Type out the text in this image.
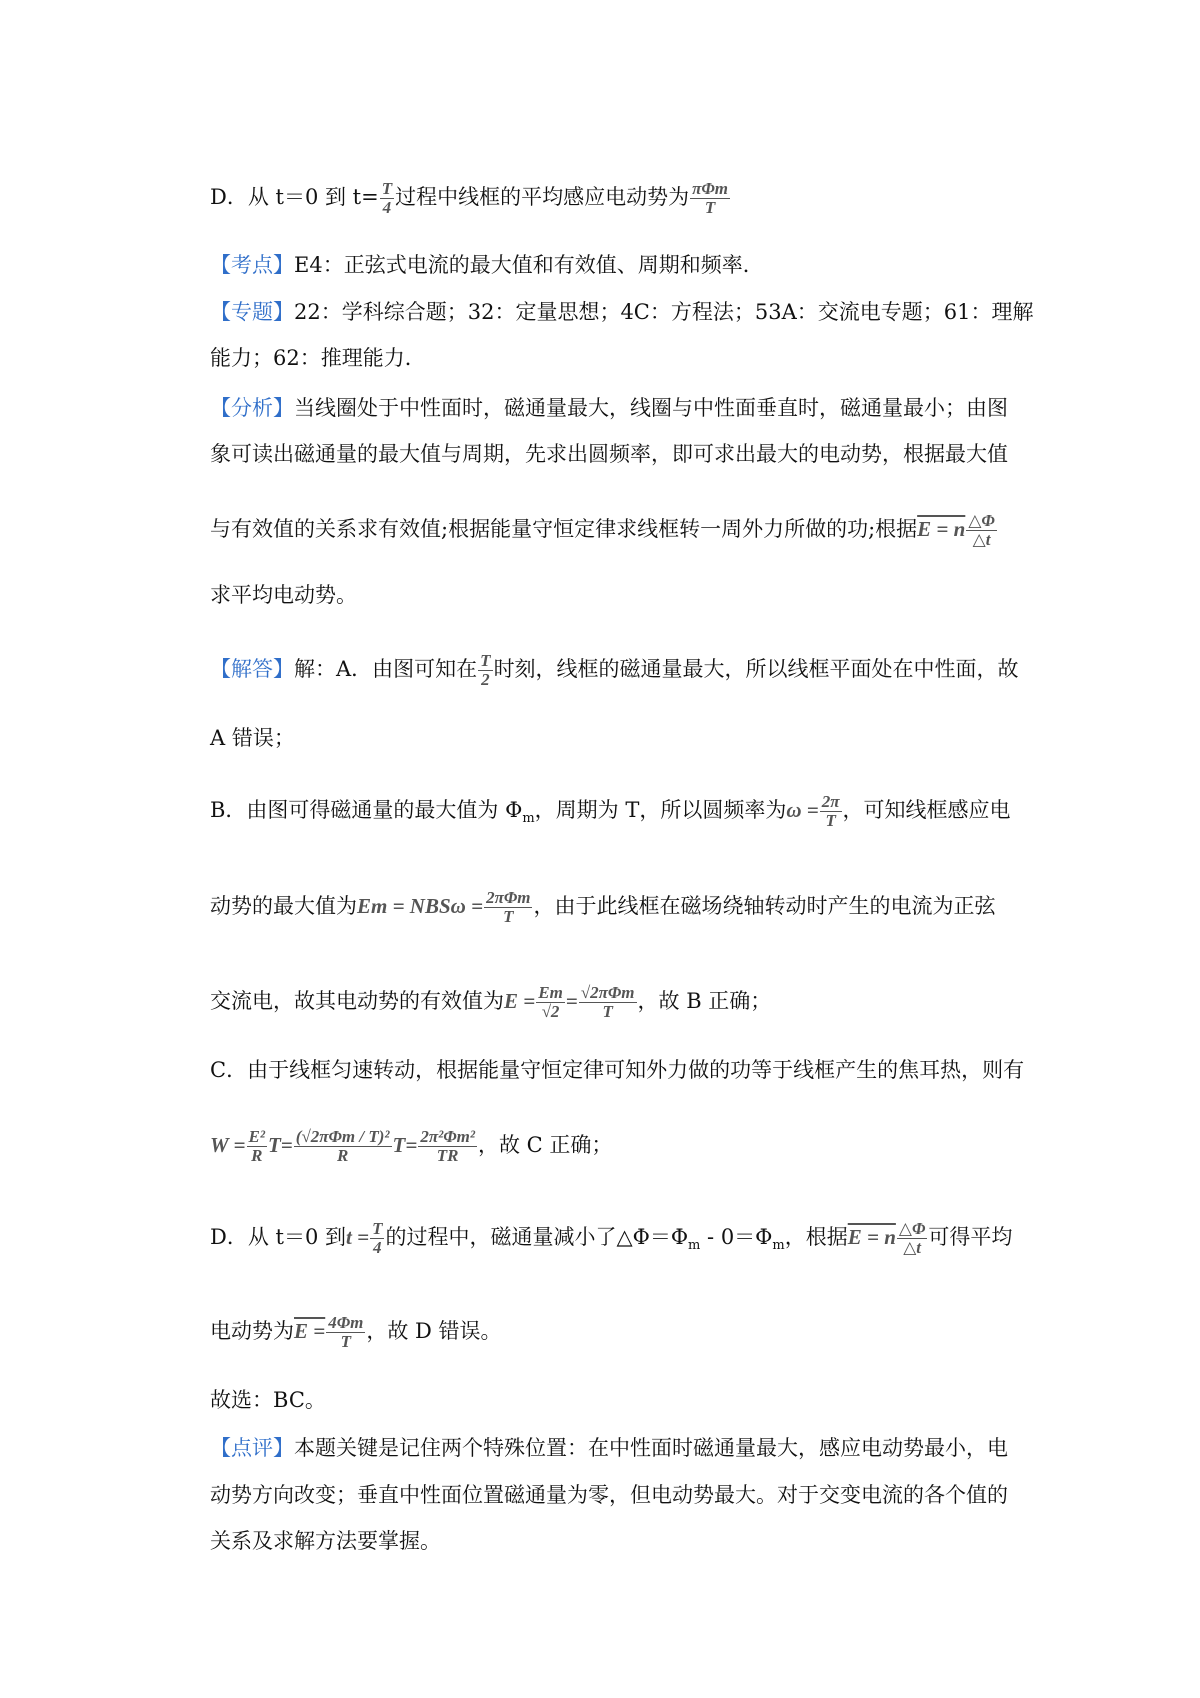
D．从 t＝0 到 $t= \frac{T}{4}$ 过程中线框的平均感应电动势为 πΦm
T
【考点】E4：正弦式电流的最大值和有效值、周期和频率．
【专题】22：学科综合题；32：定量思想；4C：方程法；53A：交流电专题；61：理解
能力；62：推理能力．
【分析】当线圈处于中性面时，磁通量最大，线圈与中性面垂直时，磁通量最小；由图
象可读出磁通量的最大值与周期，先求出圆频率，即可求出最大的电动势，根据最大值
与有效值的关系求有效值;根据能量守恒定律求线框转一周外力所做的功;根据E = n $\frac{\triangle\Phi}{\triangle t}$
求平均电动势。
【解答】解：A．由图可知在 $\frac{T}{2}$ 时刻，线框的磁通量最大，所以线框平面处在中性面，故
A 错误；
B．由图可得磁通量的最大值为 $\Phi_m$，周期为 T，所以圆频率为$\omega = \frac{2\pi}{T}$ ，可知线框感应电
动势的最大值为Em = NBSω = 2πΦm
T ，由于此线框在磁场绕轴转动时产生的电流为正弦
交流电，故其电动势的有效值为$E = \frac{Em}{√2} = √2\pi\Phi m$
T	，故 B 正确；
C．由于线框匀速转动，根据能量守恒定律可知外力做的功等于线框产生的焦耳热，则有
$W = \frac{\text{E²}}{R} T= (√2\pi\Phi m / T)^2$
R	$T= \frac{\text{2π²Φm²}}{TR}$ ，故 C 正确；
D．从 t＝0 到$t = \frac{T}{4}$ 的过程中，磁通量减小了$\triangle\Phi=\Phi_m - 0=\Phi_m$，根据E = n $\frac{\triangle\Phi}{\triangle t}$ 可得平均
电动势为$E = \frac{4\Phi m}{T}$ ，故 D 错误。
故选：BC。
【点评】本题关键是记住两个特殊位置：在中性面时磁通量最大，感应电动势最小，电
动势方向改变；垂直中性面位置磁通量为零，但电动势最大。对于交变电流的各个值的
关系及求解方法要掌握。
